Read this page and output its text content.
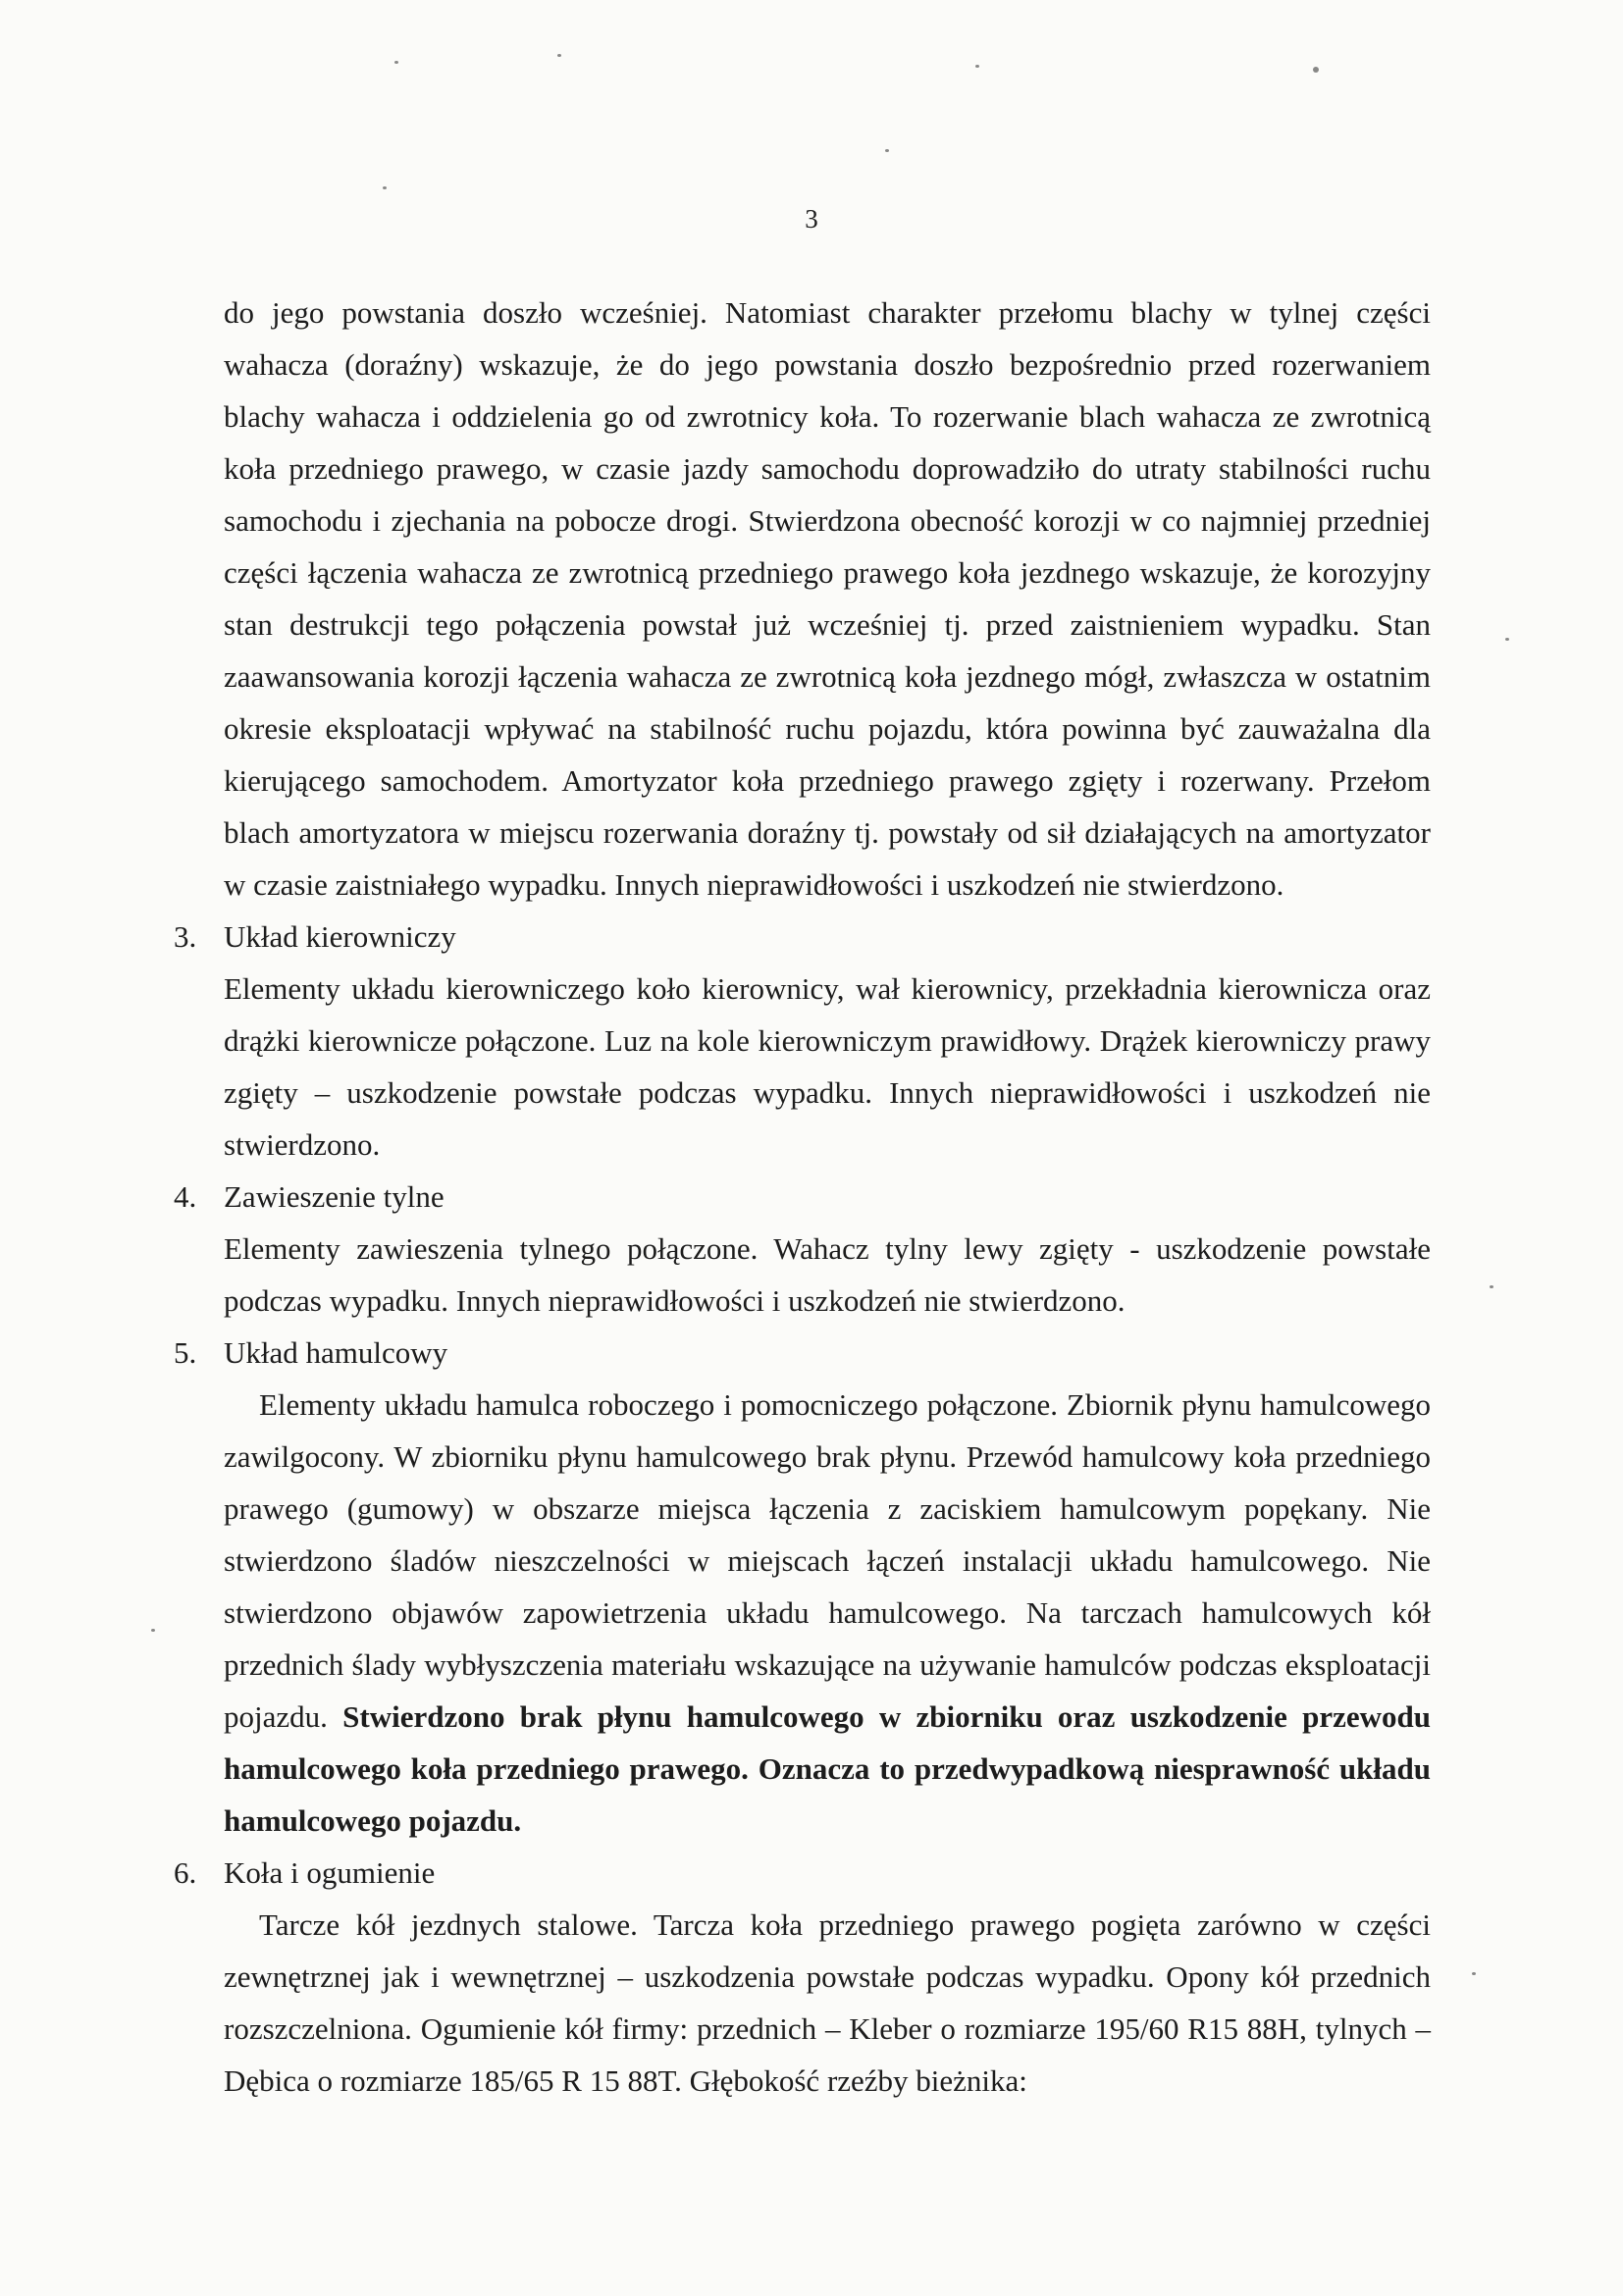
3

do jego powstania doszło wcześniej. Natomiast charakter przełomu blachy w tylnej części wahacza (doraźny) wskazuje, że do jego powstania doszło bezpośrednio przed rozerwaniem blachy wahacza i oddzielenia go od zwrotnicy koła. To rozerwanie blach wahacza ze zwrotnicą koła przedniego prawego, w czasie jazdy samochodu doprowadziło do utraty stabilności ruchu samochodu i zjechania na pobocze drogi. Stwierdzona obecność korozji w co najmniej przedniej części łączenia wahacza ze zwrotnicą przedniego prawego koła jezdnego wskazuje, że korozyjny stan destrukcji tego połączenia powstał już wcześniej tj. przed zaistnieniem wypadku. Stan zaawansowania korozji łączenia wahacza ze zwrotnicą koła jezdnego mógł, zwłaszcza w ostatnim okresie eksploatacji wpływać na stabilność ruchu pojazdu, która powinna być zauważalna dla kierującego samochodem. Amortyzator koła przedniego prawego zgięty i rozerwany. Przełom blach amortyzatora w miejscu rozerwania doraźny tj. powstały od sił działających na amortyzator w czasie zaistniałego wypadku. Innych nieprawidłowości i uszkodzeń nie stwierdzono.

3. Układ kierowniczy

Elementy układu kierowniczego koło kierownicy, wał kierownicy, przekładnia kierownicza oraz drążki kierownicze połączone. Luz na kole kierowniczym prawidłowy. Drążek kierowniczy prawy zgięty – uszkodzenie powstałe podczas wypadku. Innych nieprawidłowości i uszkodzeń nie stwierdzono.

4. Zawieszenie tylne

Elementy zawieszenia tylnego połączone. Wahacz tylny lewy zgięty - uszkodzenie powstałe podczas wypadku. Innych nieprawidłowości i uszkodzeń nie stwierdzono.

5. Układ hamulcowy

Elementy układu hamulca roboczego i pomocniczego połączone. Zbiornik płynu hamulcowego zawilgocony. W zbiorniku płynu hamulcowego brak płynu. Przewód hamulcowy koła przedniego prawego (gumowy) w obszarze miejsca łączenia z zaciskiem hamulcowym popękany. Nie stwierdzono śladów nieszczelności w miejscach łączeń instalacji układu hamulcowego. Nie stwierdzono objawów zapowietrzenia układu hamulcowego. Na tarczach hamulcowych kół przednich ślady wybłyszczenia materiału wskazujące na używanie hamulców podczas eksploatacji pojazdu. Stwierdzono brak płynu hamulcowego w zbiorniku oraz uszkodzenie przewodu hamulcowego koła przedniego prawego. Oznacza to przedwypadkową niesprawność układu hamulcowego pojazdu.

6. Koła i ogumienie

Tarcze kół jezdnych stalowe. Tarcza koła przedniego prawego pogięta zarówno w części zewnętrznej jak i wewnętrznej – uszkodzenia powstałe podczas wypadku. Opony kół przednich rozszczelniona. Ogumienie kół firmy: przednich – Kleber o rozmiarze 195/60 R15 88H, tylnych – Dębica o rozmiarze 185/65 R 15 88T. Głębokość rzeźby bieżnika:
